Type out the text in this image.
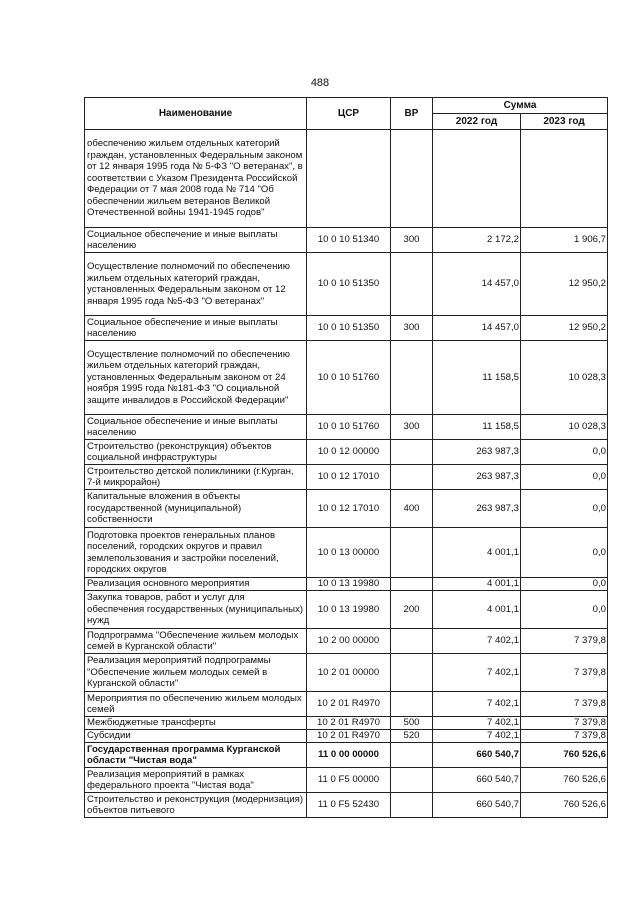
488
Наименование	ЦСР	ВР	Сумма	
			2022 год	2023 год
обеспечению жильем отдельных категорий граждан, установленных Федеральным законом от 12 января 1995 года № 5-ФЗ "О ветеранах", в соответствии с Указом Президента Российской Федерации от 7 мая 2008 года № 714 "Об обеспечении жильем ветеранов Великой Отечественной войны 1941-1945 годов"				
Социальное обеспечение и иные выплаты населению	10 0 10 51340	300	2 172,2	1 906,7
Осуществление полномочий по обеспечению жильем отдельных категорий граждан, установленных Федеральным законом от 12 января 1995 года №5-ФЗ "О ветеранах"	10 0 10 51350		14 457,0	12 950,2
Социальное обеспечение и иные выплаты населению	10 0 10 51350	300	14 457,0	12 950,2
Осуществление полномочий по обеспечению жильем отдельных категорий граждан, установленных Федеральным законом от 24 ноября 1995 года №181-ФЗ "О социальной защите инвалидов в Российской Федерации"	10 0 10 51760		11 158,5	10 028,3
Социальное обеспечение и иные выплаты населению	10 0 10 51760	300	11 158,5	10 028,3
Строительство (реконструкция) объектов социальной инфраструктуры	10 0 12 00000		263 987,3	0,0
Строительство детской поликлиники (г.Курган, 7-й микрорайон)	10 0 12 17010		263 987,3	0,0
Капитальные вложения в объекты государственной (муниципальной) собственности	10 0 12 17010	400	263 987,3	0,0
Подготовка проектов генеральных планов поселений, городских округов и правил землепользования и застройки поселений, городских округов	10 0 13 00000		4 001,1	0,0
Реализация основного мероприятия	10 0 13 19980		4 001,1	0,0
Закупка товаров, работ и услуг для обеспечения государственных (муниципальных) нужд	10 0 13 19980	200	4 001,1	0,0
Подпрограмма "Обеспечение жильем молодых семей в Курганской области"	10 2 00 00000		7 402,1	7 379,8
Реализация мероприятий подпрограммы "Обеспечение жильем молодых семей в Курганской области"	10 2 01 00000		7 402,1	7 379,8
Мероприятия по обеспечению жильем молодых семей	10 2 01 R4970		7 402,1	7 379,8
Межбюджетные трансферты	10 2 01 R4970	500	7 402,1	7 379,8
Субсидии	10 2 01 R4970	520	7 402,1	7 379,8
Государственная программа Курганской области "Чистая вода"	11 0 00 00000		660 540,7	760 526,6
Реализация мероприятий в рамках федерального проекта "Чистая вода"	11 0 F5 00000		660 540,7	760 526,6
Строительство и реконструкция (модернизация) объектов питьевого	11 0 F5 52430		660 540,7	760 526,6
